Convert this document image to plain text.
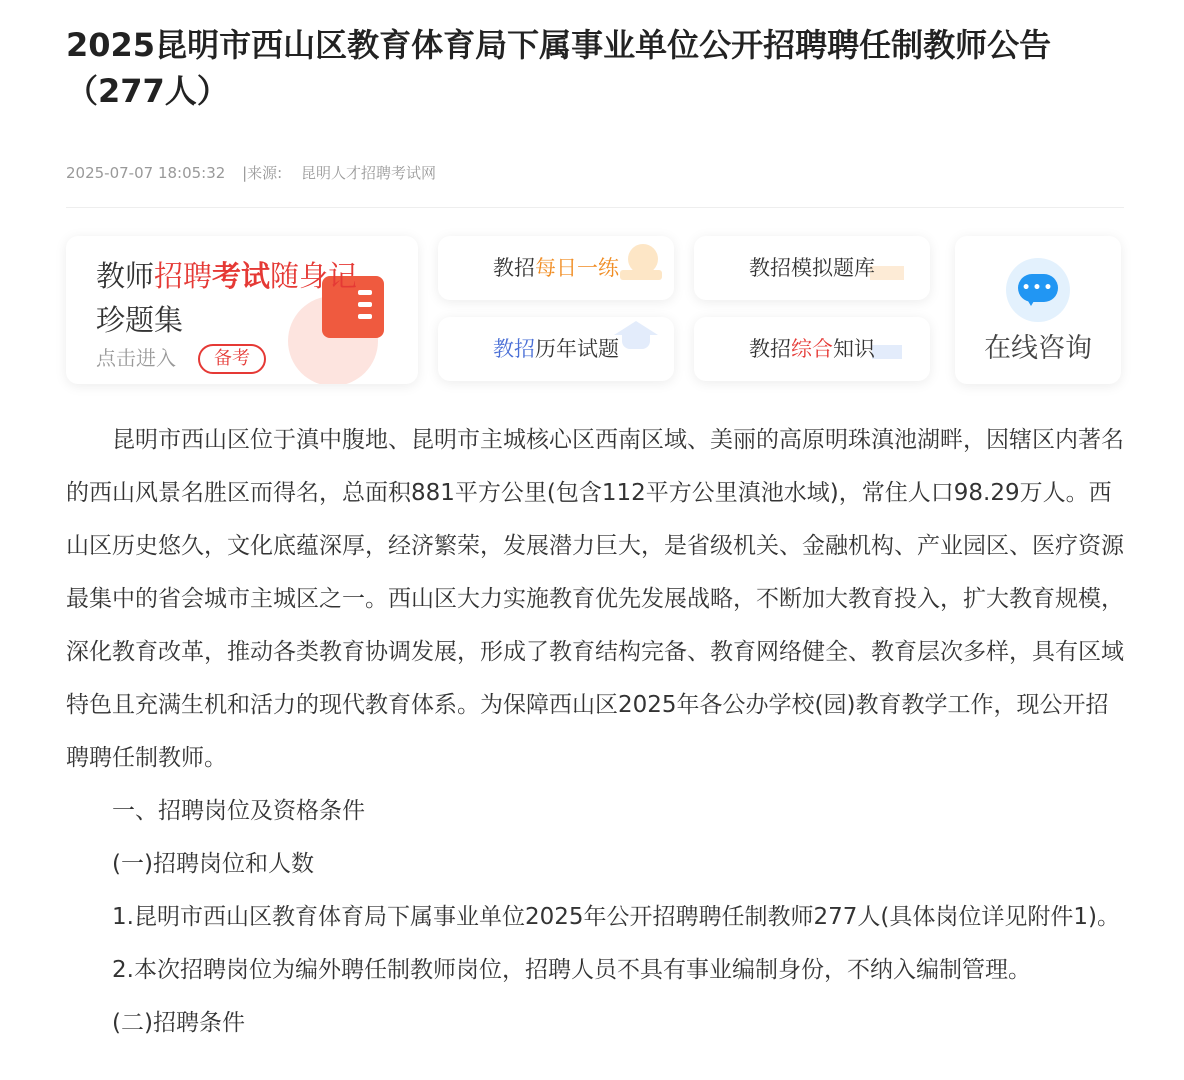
2025昆明市西山区教育体育局下属事业单位公开招聘聘任制教师公告（277人）
2025-07-07 18:05:32 |来源: 昆明人才招聘考试网
教师招聘考试随身记
珍题集
点击进入	备考
教招每日一练	教招模拟题库
教招历年试题	教招综合知识
•••
在线咨询

昆明市西山区位于滇中腹地、昆明市主城核心区西南区域、美丽的高原明珠滇池湖畔，因辖区内著名的西山风景名胜区而得名，总面积881平方公里(包含112平方公里滇池水域)，常住人口98.29万人。西山区历史悠久，文化底蕴深厚，经济繁荣，发展潜力巨大，是省级机关、金融机构、产业园区、医疗资源最集中的省会城市主城区之一。西山区大力实施教育优先发展战略，不断加大教育投入，扩大教育规模，深化教育改革，推动各类教育协调发展，形成了教育结构完备、教育网络健全、教育层次多样，具有区域特色且充满生机和活力的现代教育体系。为保障西山区2025年各公办学校(园)教育教学工作，现公开招聘聘任制教师。

一、招聘岗位及资格条件

(一)招聘岗位和人数

1.昆明市西山区教育体育局下属事业单位2025年公开招聘聘任制教师277人(具体岗位详见附件1)。

2.本次招聘岗位为编外聘任制教师岗位，招聘人员不具有事业编制身份，不纳入编制管理。

(二)招聘条件
